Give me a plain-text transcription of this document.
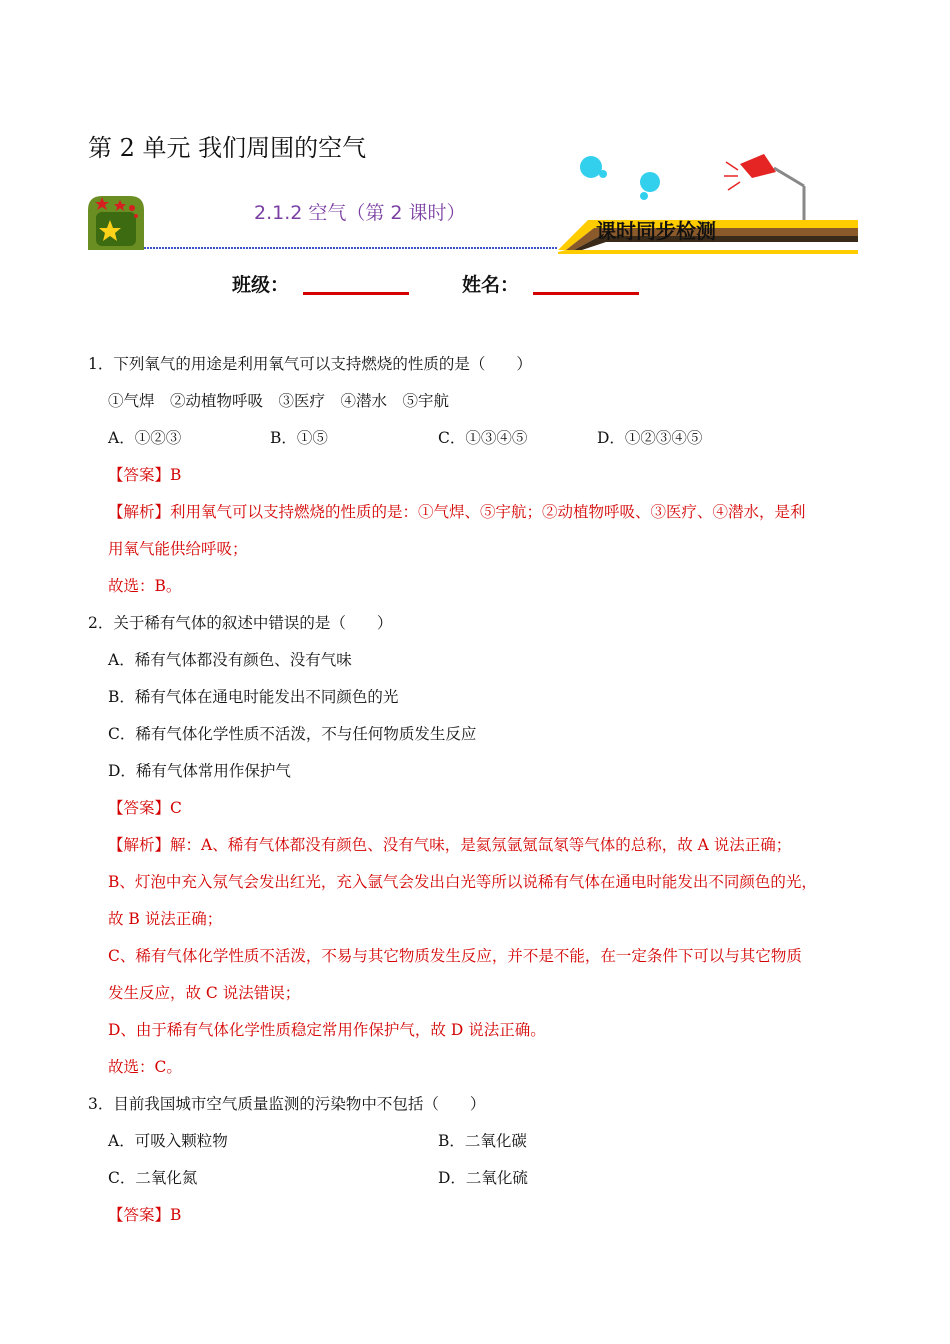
第 2 单元 我们周围的空气
课时同步检测
2.1.2 空气（第 2 课时）
班级：	姓名：
1．下列氧气的用途是利用氧气可以支持燃烧的性质的是（　　）
①气焊　②动植物呼吸　③医疗　④潜水　⑤宇航
A．①②③	B．①⑤	C．①③④⑤	D．①②③④⑤
【答案】B
【解析】利用氧气可以支持燃烧的性质的是：①气焊、⑤宇航；②动植物呼吸、③医疗、④潜水，是利
用氧气能供给呼吸；
故选：B。
2．关于稀有气体的叙述中错误的是（　　）
A．稀有气体都没有颜色、没有气味
B．稀有气体在通电时能发出不同颜色的光
C．稀有气体化学性质不活泼，不与任何物质发生反应
D．稀有气体常用作保护气
【答案】C
【解析】解：A、稀有气体都没有颜色、没有气味，是氦氖氩氪氙氡等气体的总称，故 A 说法正确；
B、灯泡中充入氖气会发出红光，充入氩气会发出白光等所以说稀有气体在通电时能发出不同颜色的光，
故 B 说法正确；
C、稀有气体化学性质不活泼，不易与其它物质发生反应，并不是不能，在一定条件下可以与其它物质
发生反应，故 C 说法错误；
D、由于稀有气体化学性质稳定常用作保护气，故 D 说法正确。
故选：C。
3．目前我国城市空气质量监测的污染物中不包括（　　）
A．可吸入颗粒物	B．二氧化碳
C．二氧化氮	D．二氧化硫
【答案】B
